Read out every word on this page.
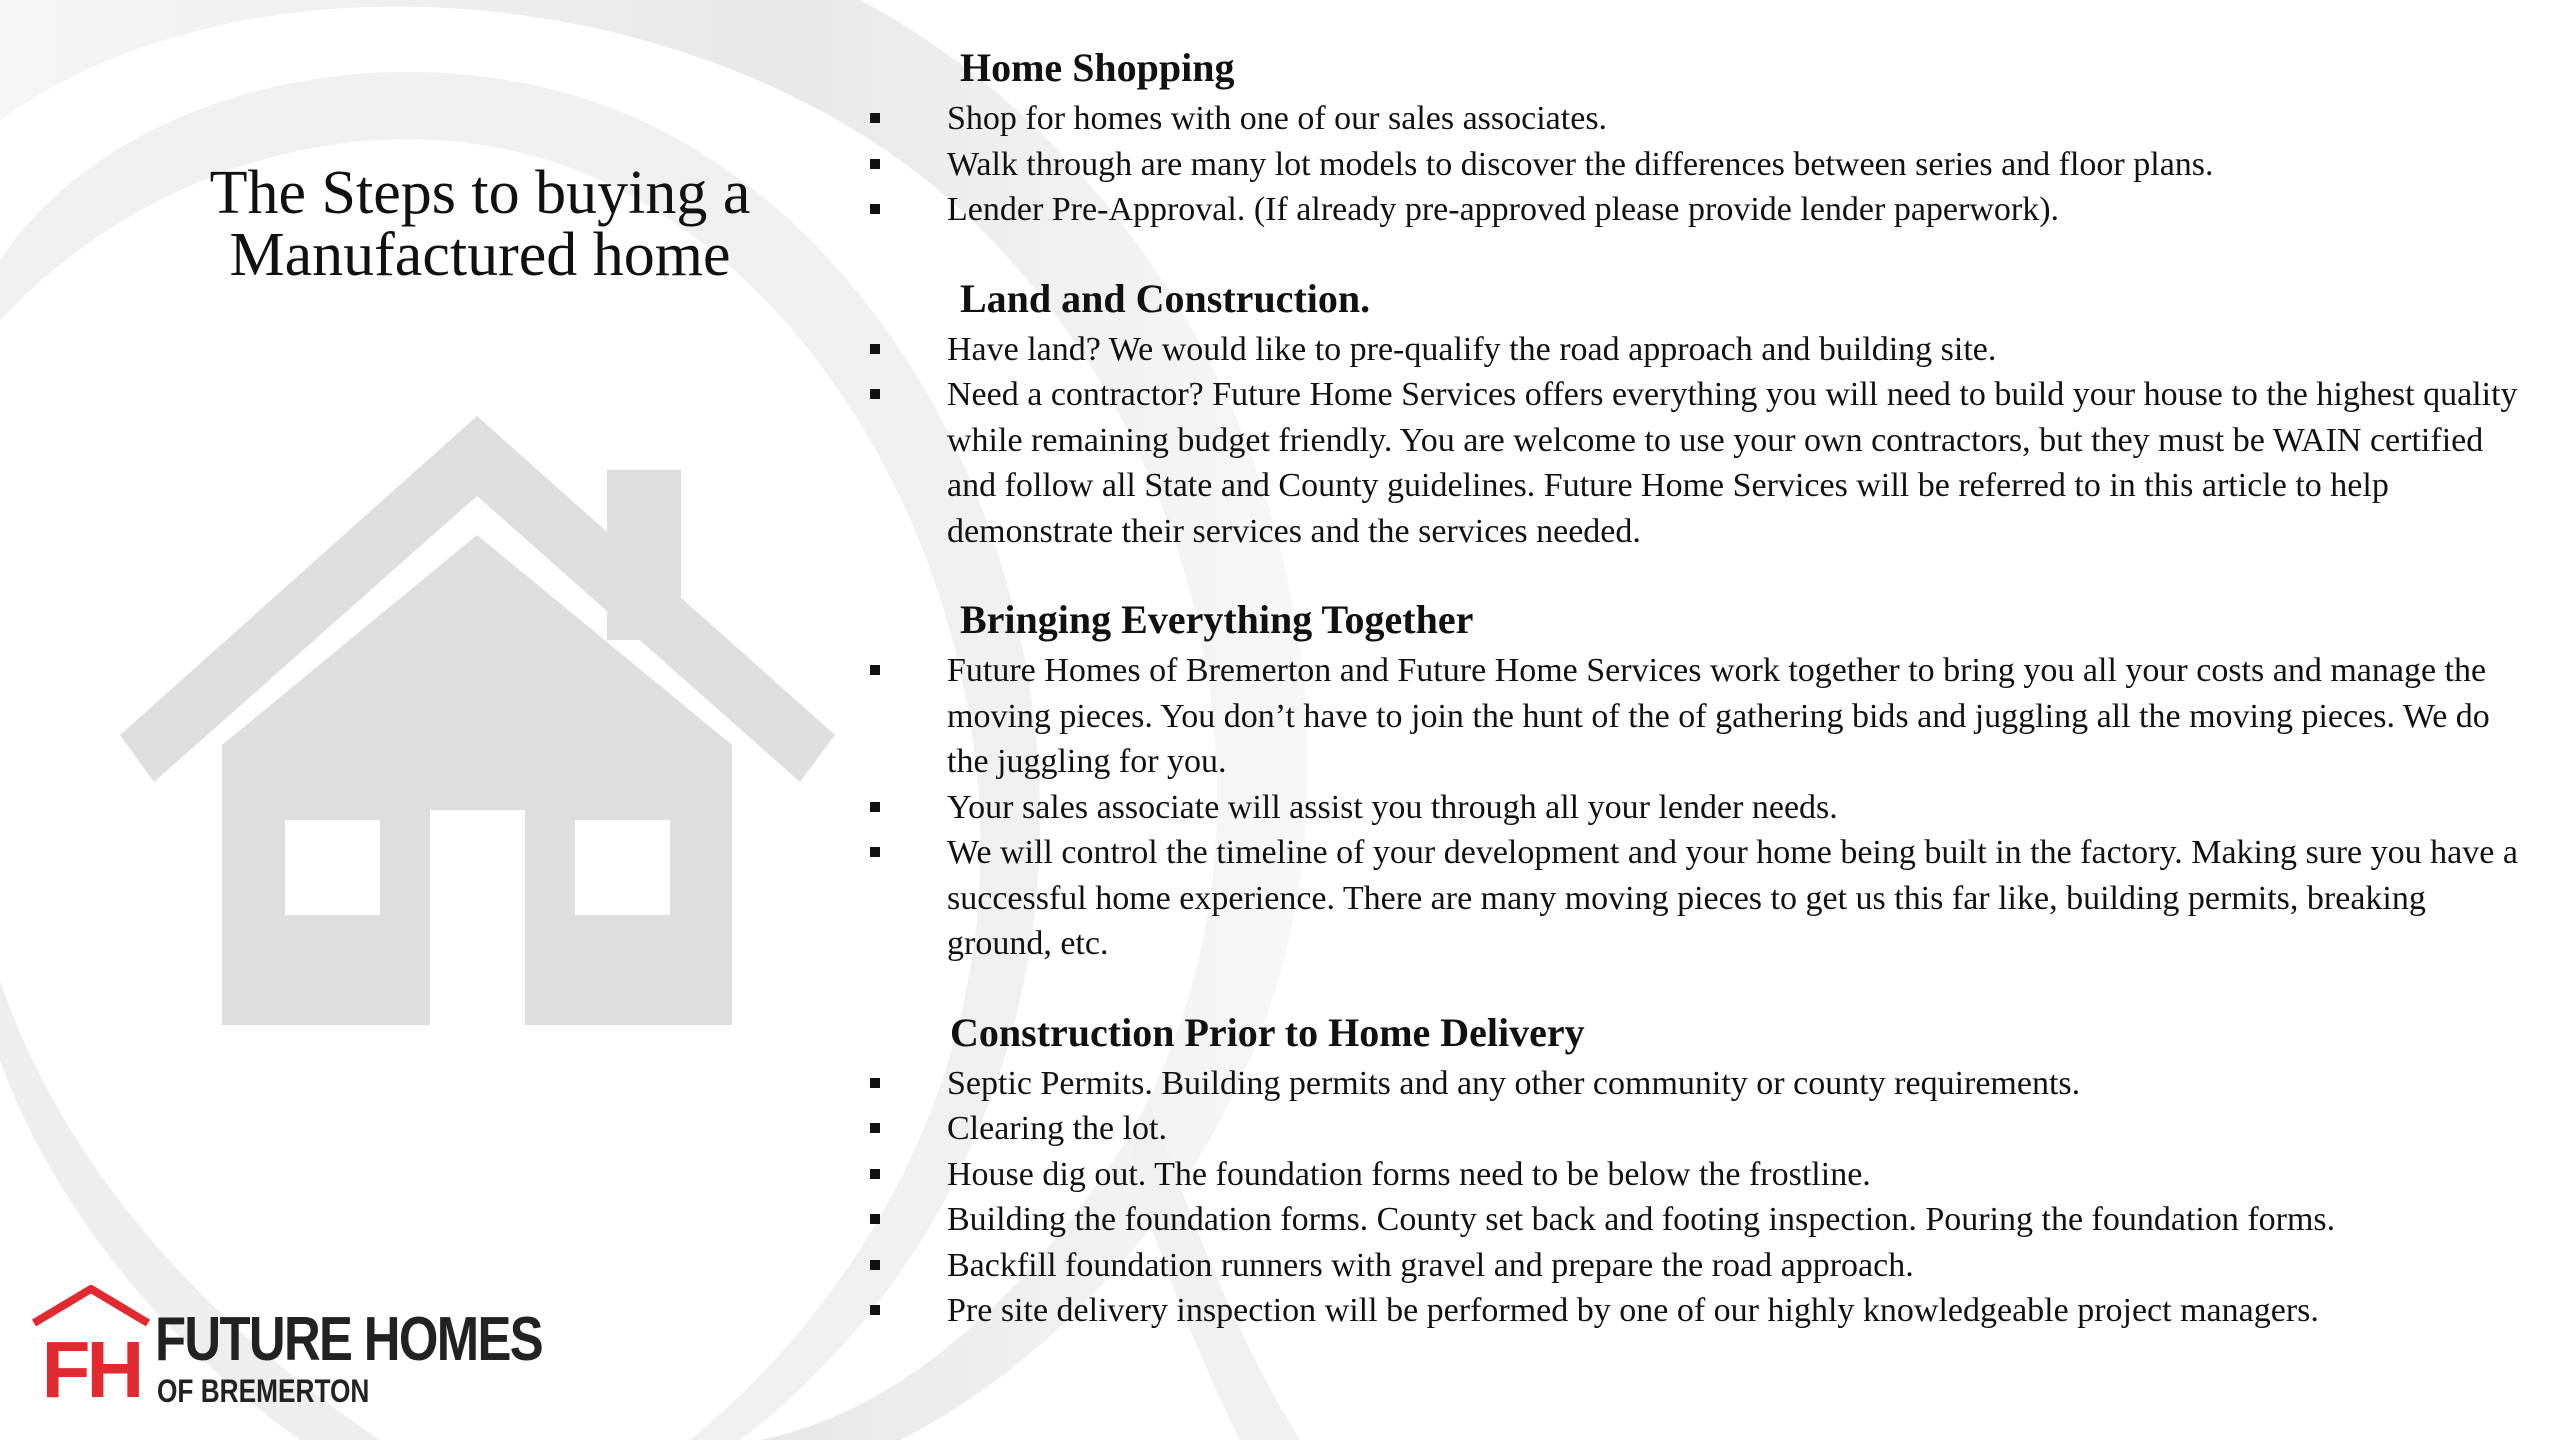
The Steps to buying a
Manufactured home
Home Shopping
Shop for homes with one of our sales associates.
Walk through are many lot models to discover the differences between series and floor plans.
Lender Pre-Approval. (If already pre-approved please provide lender paperwork).
Land and Construction.
Have land? We would like to pre-qualify the road approach and building site.
Need a contractor? Future Home Services offers everything you will need to build your house to the highest quality while remaining budget friendly. You are welcome to use your own contractors, but they must be WAIN certified and follow all State and County guidelines. Future Home Services will be referred to in this article to help demonstrate their services and the services needed.
Bringing Everything Together
Future Homes of Bremerton and Future Home Services work together to bring you all your costs and manage the moving pieces. You don’t have to join the hunt of the of gathering bids and juggling all the moving pieces. We do the juggling for you.
Your sales associate will assist you through all your lender needs.
We will control the timeline of your development and your home being built in the factory. Making sure you have a successful home experience. There are many moving pieces to get us this far like, building permits, breaking ground, etc.
Construction Prior to Home Delivery
Septic Permits. Building permits and any other community or county requirements.
Clearing the lot.
House dig out. The foundation forms need to be below the frostline.
Building the foundation forms. County set back and footing inspection. Pouring the foundation forms.
Backfill foundation runners with gravel and prepare the road approach.
Pre site delivery inspection will be performed by one of our highly knowledgeable project managers.
FH FUTURE HOMES
OF BREMERTON
